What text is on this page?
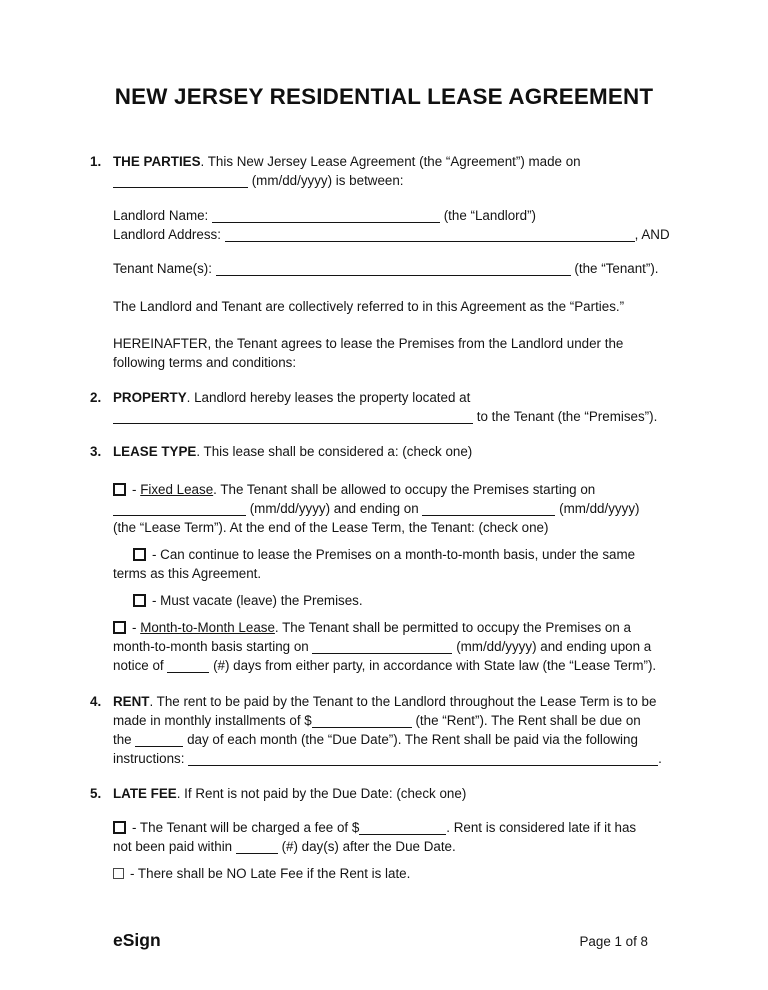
NEW JERSEY RESIDENTIAL LEASE AGREEMENT
1. THE PARTIES. This New Jersey Lease Agreement (the “Agreement”) made on
(mm/dd/yyyy) is between:
Landlord Name:	(the “Landlord”)
Landlord Address:	, AND
Tenant Name(s):	(the “Tenant”).
The Landlord and Tenant are collectively referred to in this Agreement as the “Parties.”
HEREINAFTER, the Tenant agrees to lease the Premises from the Landlord under the
following terms and conditions:
2. PROPERTY. Landlord hereby leases the property located at
to the Tenant (the “Premises”).
3. LEASE TYPE. This lease shall be considered a: (check one)
- Fixed Lease. The Tenant shall be allowed to occupy the Premises starting on
(mm/dd/yyyy) and ending on	(mm/dd/yyyy)
(the “Lease Term”). At the end of the Lease Term, the Tenant: (check one)
- Can continue to lease the Premises on a month-to-month basis, under the same
terms as this Agreement.
- Must vacate (leave) the Premises.
- Month-to-Month Lease. The Tenant shall be permitted to occupy the Premises on a
month-to-month basis starting on	(mm/dd/yyyy) and ending upon a
notice of	(#) days from either party, in accordance with State law (the “Lease Term”).
4. RENT. The rent to be paid by the Tenant to the Landlord throughout the Lease Term is to be
made in monthly installments of $	(the “Rent”). The Rent shall be due on
the	day of each month (the “Due Date”). The Rent shall be paid via the following
instructions:	.
5. LATE FEE. If Rent is not paid by the Due Date: (check one)
- The Tenant will be charged a fee of $	. Rent is considered late if it has
not been paid within	(#) day(s) after the Due Date.
- There shall be NO Late Fee if the Rent is late.
eSign	Page 1 of 8
